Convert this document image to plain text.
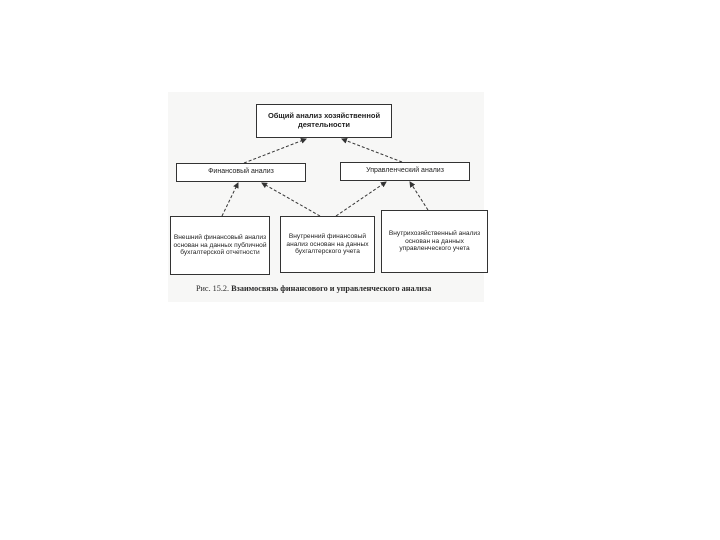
Общий анализ хозяйственной деятельности
Финансовый анализ	Управленческий анализ
Внешний финансовый анализ основан на данных публичной бухгалтерской отчетности
Внутренний финансовый анализ основан на данных бухгалтерского учета
Внутрихозяйственный анализ основан на данных управленческого учета
Рис. 15.2. Взаимосвязь финансового и управленческого анализа
